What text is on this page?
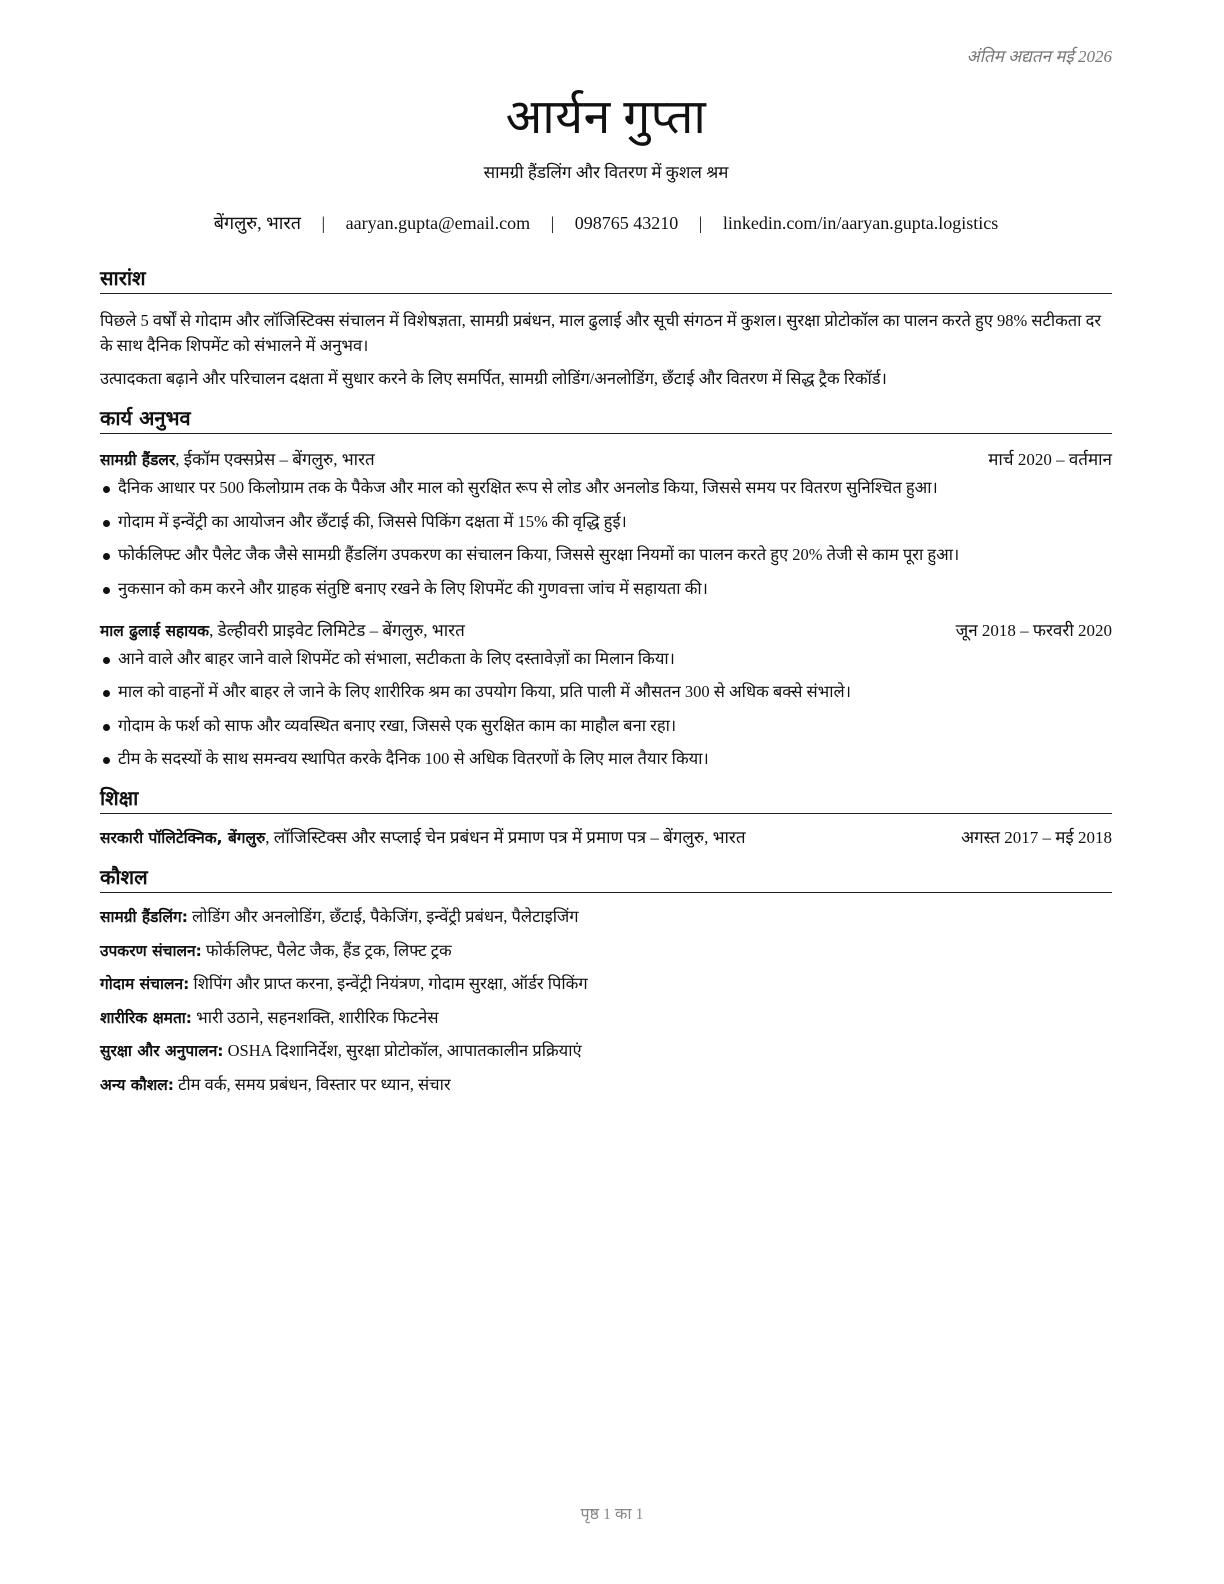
अंतिम अद्यतन मई 2026
आर्यन गुप्ता
सामग्री हैंडलिंग और वितरण में कुशल श्रम
बेंगलुरु, भारत | aaryan.gupta@email.com | 098765 43210 | linkedin.com/in/aaryan.gupta.logistics
सारांश

पिछले 5 वर्षों से गोदाम और लॉजिस्टिक्स संचालन में विशेषज्ञता, सामग्री प्रबंधन, माल ढुलाई और सूची संगठन में कुशल। सुरक्षा प्रोटोकॉल का पालन करते हुए 98% सटीकता दर के साथ दैनिक शिपमेंट को संभालने में अनुभव।

उत्पादकता बढ़ाने और परिचालन दक्षता में सुधार करने के लिए समर्पित, सामग्री लोडिंग/अनलोडिंग, छँटाई और वितरण में सिद्ध ट्रैक रिकॉर्ड।

कार्य अनुभव
सामग्री हैंडलर, ईकॉम एक्सप्रेस – बेंगलुरु, भारत	मार्च 2020 – वर्तमान
दैनिक आधार पर 500 किलोग्राम तक के पैकेज और माल को सुरक्षित रूप से लोड और अनलोड किया, जिससे समय पर वितरण सुनिश्चित हुआ।
गोदाम में इन्वेंट्री का आयोजन और छँटाई की, जिससे पिकिंग दक्षता में 15% की वृद्धि हुई।
फोर्कलिफ्ट और पैलेट जैक जैसे सामग्री हैंडलिंग उपकरण का संचालन किया, जिससे सुरक्षा नियमों का पालन करते हुए 20% तेजी से काम पूरा हुआ।
नुकसान को कम करने और ग्राहक संतुष्टि बनाए रखने के लिए शिपमेंट की गुणवत्ता जांच में सहायता की।
माल ढुलाई सहायक, डेल्हीवरी प्राइवेट लिमिटेड – बेंगलुरु, भारत	जून 2018 – फरवरी 2020
आने वाले और बाहर जाने वाले शिपमेंट को संभाला, सटीकता के लिए दस्तावेज़ों का मिलान किया।
माल को वाहनों में और बाहर ले जाने के लिए शारीरिक श्रम का उपयोग किया, प्रति पाली में औसतन 300 से अधिक बक्से संभाले।
गोदाम के फर्श को साफ और व्यवस्थित बनाए रखा, जिससे एक सुरक्षित काम का माहौल बना रहा।
टीम के सदस्यों के साथ समन्वय स्थापित करके दैनिक 100 से अधिक वितरणों के लिए माल तैयार किया।
शिक्षा
सरकारी पॉलिटेक्निक, बेंगलुरु, लॉजिस्टिक्स और सप्लाई चेन प्रबंधन में प्रमाण पत्र में प्रमाण पत्र – बेंगलुरु, भारत	अगस्त 2017 – मई 2018
कौशल
सामग्री हैंडलिंग: लोडिंग और अनलोडिंग, छँटाई, पैकेजिंग, इन्वेंट्री प्रबंधन, पैलेटाइजिंग
उपकरण संचालन: फोर्कलिफ्ट, पैलेट जैक, हैंड ट्रक, लिफ्ट ट्रक
गोदाम संचालन: शिपिंग और प्राप्त करना, इन्वेंट्री नियंत्रण, गोदाम सुरक्षा, ऑर्डर पिकिंग
शारीरिक क्षमता: भारी उठाने, सहनशक्ति, शारीरिक फिटनेस
सुरक्षा और अनुपालन: OSHA दिशानिर्देश, सुरक्षा प्रोटोकॉल, आपातकालीन प्रक्रियाएं
अन्य कौशल: टीम वर्क, समय प्रबंधन, विस्तार पर ध्यान, संचार
पृष्ठ 1 का 1
